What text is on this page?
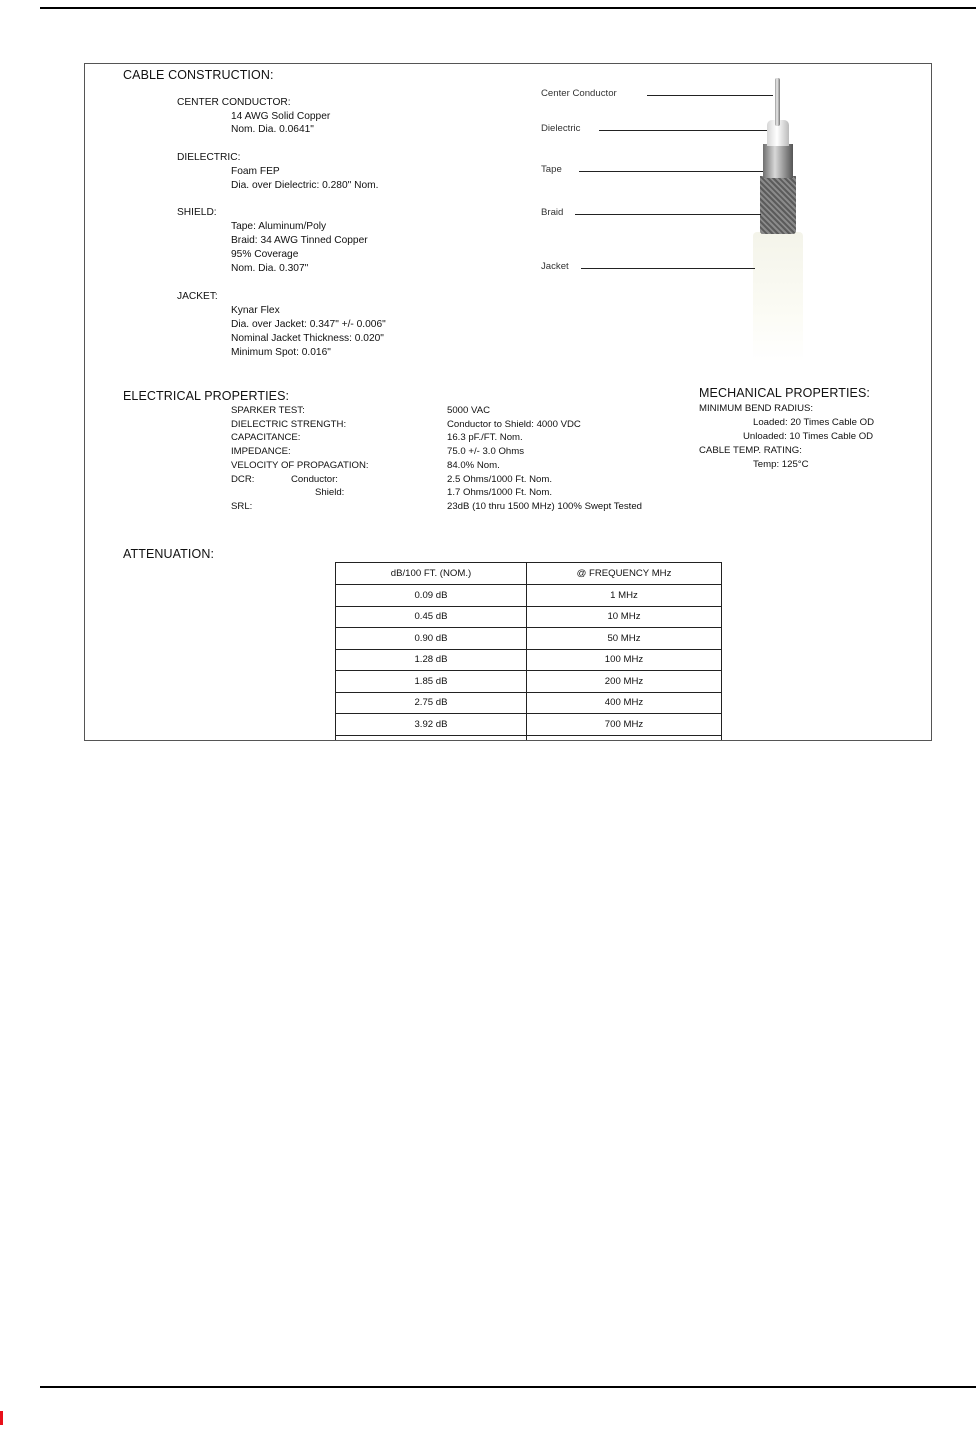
CABLE CONSTRUCTION:
CENTER CONDUCTOR:
14 AWG Solid Copper
Nom. Dia. 0.0641"
DIELECTRIC:
Foam FEP
Dia. over Dielectric: 0.280" Nom.
SHIELD:
Tape: Aluminum/Poly
Braid: 34 AWG Tinned Copper
95% Coverage
Nom. Dia. 0.307"
JACKET:
Kynar Flex
Dia. over Jacket: 0.347" +/- 0.006"
Nominal Jacket Thickness: 0.020"
Minimum Spot: 0.016"
Center Conductor
Dielectric
Tape
Braid
Jacket
ELECTRICAL PROPERTIES:
SPARKER TEST:	5000 VAC
DIELECTRIC STRENGTH:	Conductor to Shield: 4000 VDC
CAPACITANCE:	16.3 pF./FT. Nom.
IMPEDANCE:	75.0 +/- 3.0 Ohms
VELOCITY OF PROPAGATION:	84.0% Nom.
DCR:	Conductor:	2.5 Ohms/1000 Ft. Nom.
Shield:	1.7 Ohms/1000 Ft. Nom.
SRL:	23dB (10 thru 1500 MHz) 100% Swept Tested
MECHANICAL PROPERTIES:
MINIMUM BEND RADIUS:
Loaded: 20 Times Cable OD
Unloaded: 10 Times Cable OD
CABLE TEMP. RATING:
Temp: 125°C
ATTENUATION:
dB/100 FT. (NOM.)	@ FREQUENCY MHz
0.09 dB	1 MHz
0.45 dB	10 MHz
0.90 dB	50 MHz
1.28 dB	100 MHz
1.85 dB	200 MHz
2.75 dB	400 MHz
3.92 dB	700 MHz
